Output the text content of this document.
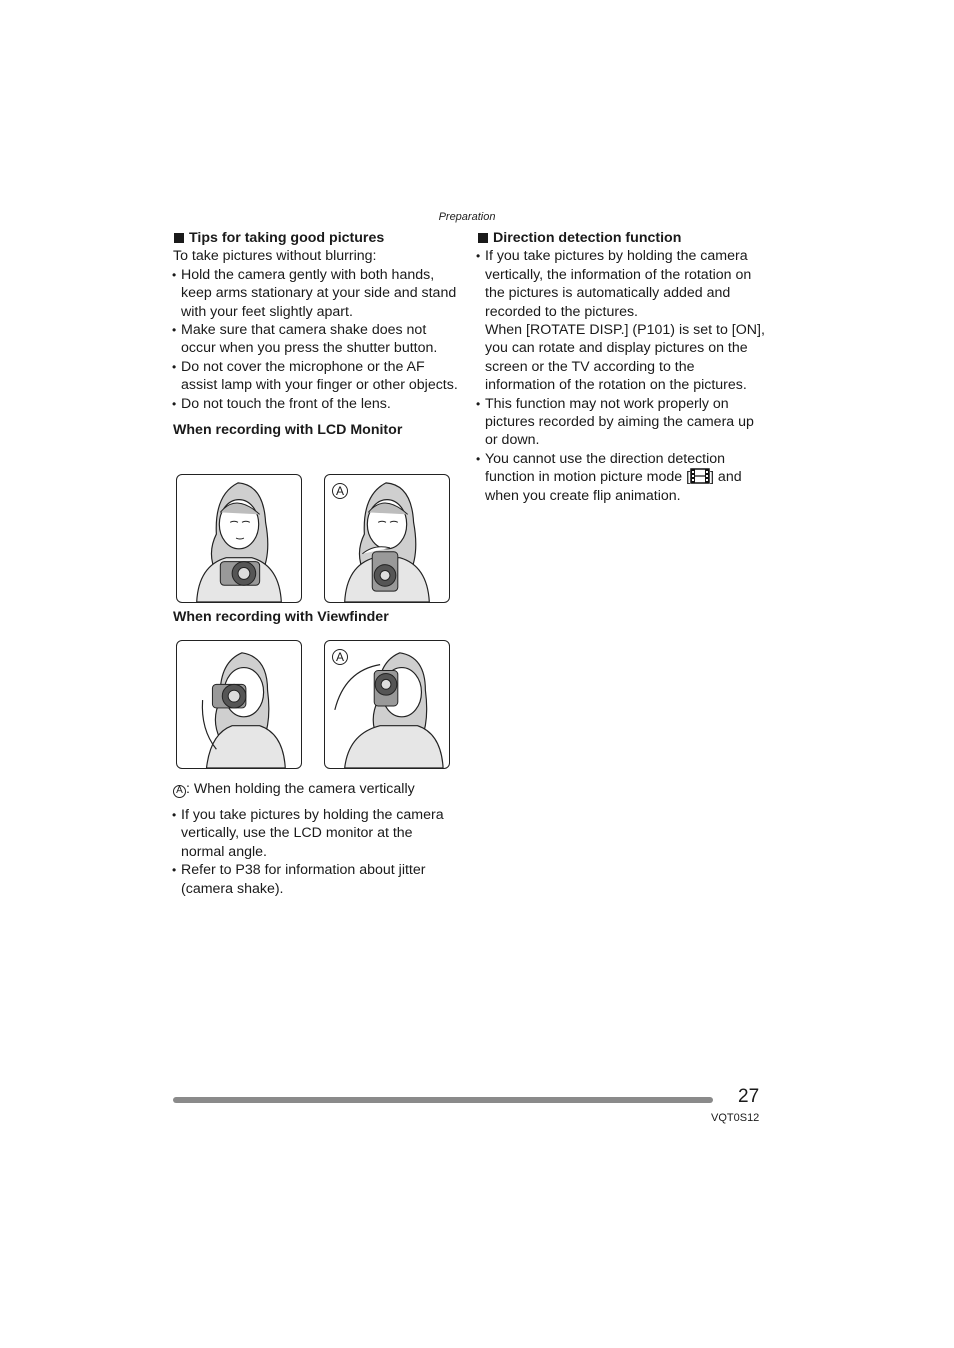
Preparation
Tips for taking good pictures

To take pictures without blurring:

• Hold the camera gently with both hands, keep arms stationary at your side and stand with your feet slightly apart.
• Make sure that camera shake does not occur when you press the shutter button.
• Do not cover the microphone or the AF assist lamp with your finger or other objects.
• Do not touch the front of the lens.
When recording with LCD Monitor
A
When recording with Viewfinder
A
A : When holding the camera vertically
• If you take pictures by holding the camera vertically, use the LCD monitor at the normal angle.
• Refer to P38 for information about jitter (camera shake).
Direction detection function
• If you take pictures by holding the camera vertically, the information of the rotation on the pictures is automatically added and recorded to the pictures.
When [ROTATE DISP.] (P101) is set to [ON], you can rotate and display pictures on the screen or the TV according to the information of the rotation on the pictures.
• This function may not work properly on pictures recorded by aiming the camera up or down.
• You cannot use the direction detection function in motion picture mode [ ] and when you create flip animation.
27
VQT0S12
